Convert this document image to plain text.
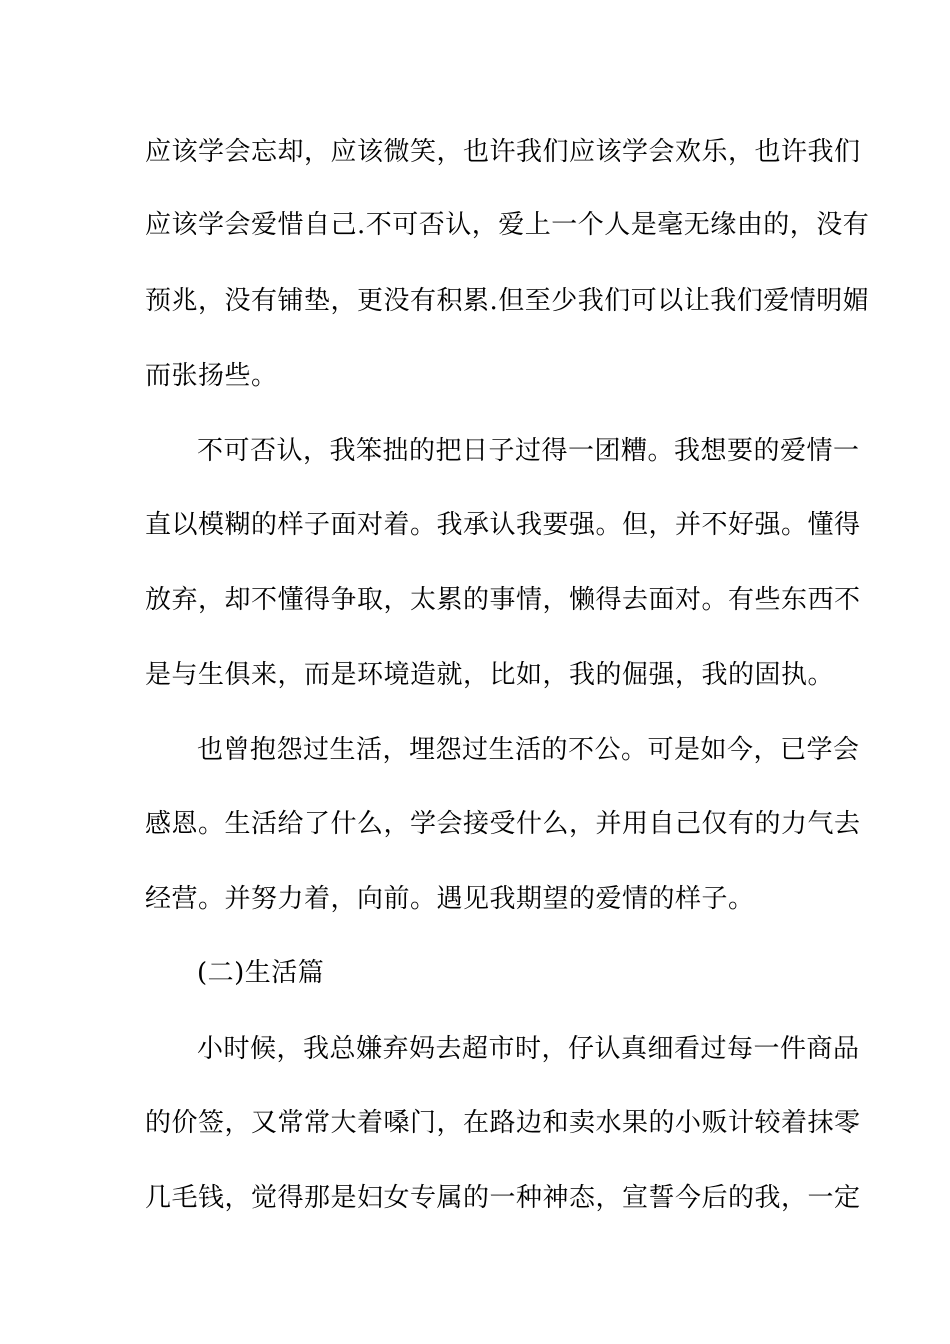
应该学会忘却，应该微笑，也许我们应该学会欢乐，也许我们
应该学会爱惜自己.不可否认，爱上一个人是毫无缘由的，没有
预兆，没有铺垫，更没有积累.但至少我们可以让我们爱情明媚
而张扬些。
不可否认，我笨拙的把日子过得一团糟。我想要的爱情一
直以模糊的样子面对着。我承认我要强。但，并不好强。懂得
放弃，却不懂得争取，太累的事情，懒得去面对。有些东西不
是与生俱来，而是环境造就，比如，我的倔强，我的固执。
也曾抱怨过生活，埋怨过生活的不公。可是如今，已学会
感恩。生活给了什么，学会接受什么，并用自己仅有的力气去
经营。并努力着，向前。遇见我期望的爱情的样子。
(二)生活篇
小时候，我总嫌弃妈去超市时，仔认真细看过每一件商品
的价签，又常常大着嗓门，在路边和卖水果的小贩计较着抹零
几毛钱，觉得那是妇女专属的一种神态，宣誓今后的我，一定
